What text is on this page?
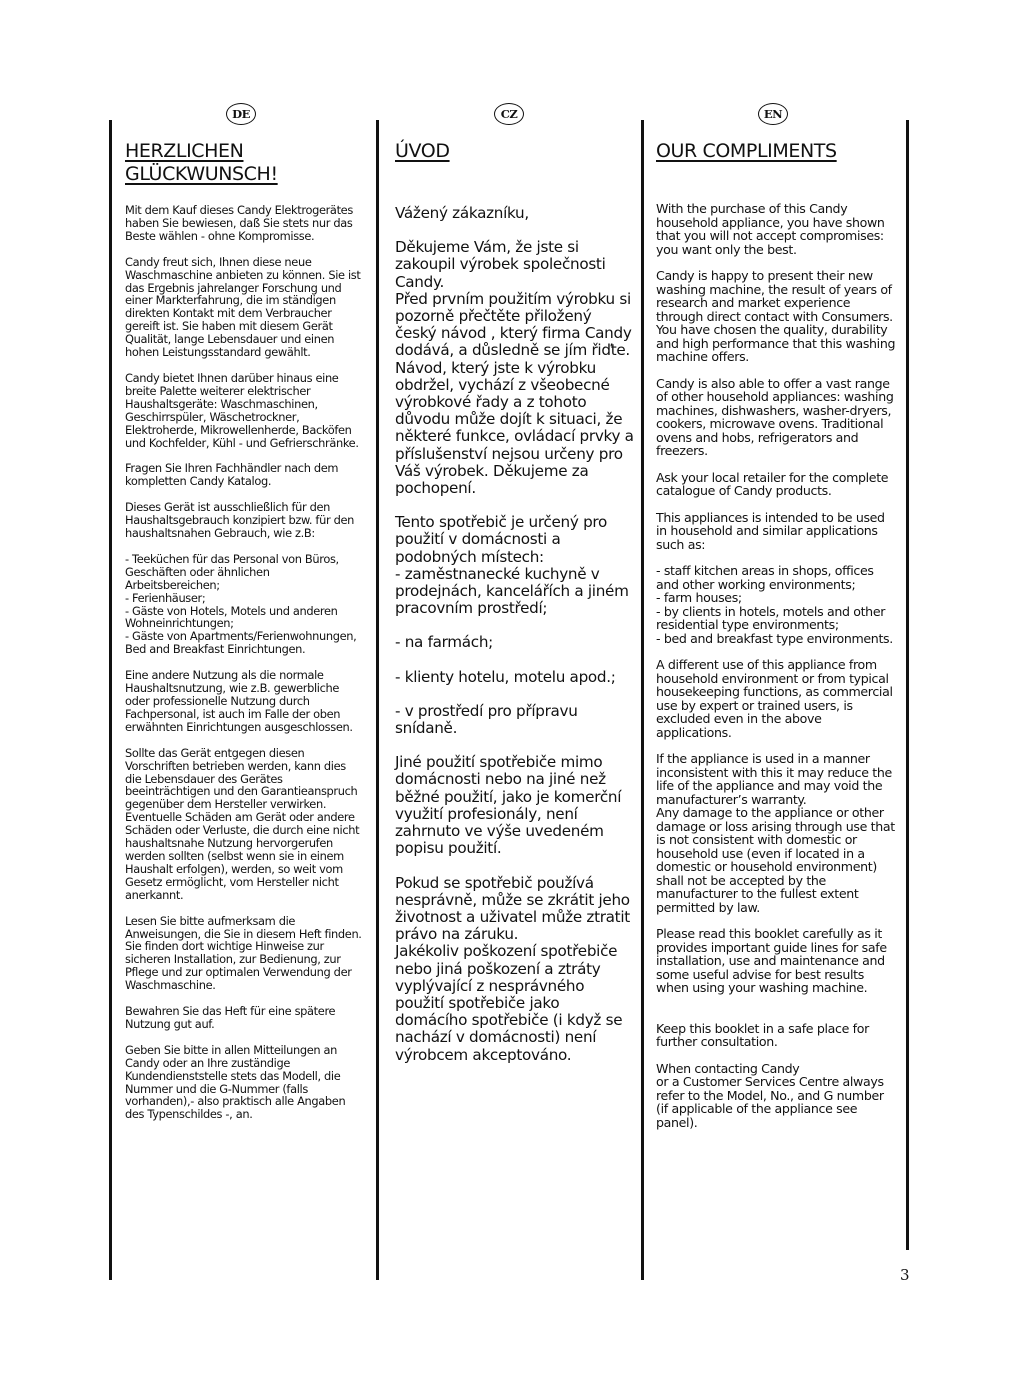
DE	CZ	EN
HERZLICHEN GLÜCKWUNSCH!

Mit dem Kauf dieses Candy Elektrogerätes haben Sie bewiesen, daß Sie stets nur das Beste wählen - ohne Kompromisse.

Candy freut sich, Ihnen diese neue Waschmaschine anbieten zu können. Sie ist das Ergebnis jahrelanger Forschung und einer Markterfahrung, die im ständigen direkten Kontakt mit dem Verbraucher gereift ist. Sie haben mit diesem Gerät Qualität, lange Lebensdauer und einen hohen Leistungsstandard gewählt.

Candy bietet Ihnen darüber hinaus eine breite Palette weiterer elektrischer Haushaltsgeräte: Waschmaschinen, Geschirrspüler, Wäschetrockner, Elektroherde, Mikrowellenherde, Backöfen und Kochfelder, Kühl - und Gefrierschränke.

Fragen Sie Ihren Fachhändler nach dem kompletten Candy Katalog.

Dieses Gerät ist ausschließlich für den Haushaltsgebrauch konzipiert bzw. für den haushaltsnahen Gebrauch, wie z.B:

- Teeküchen für das Personal von Büros, Geschäften oder ähnlichen Arbeitsbereichen;
- Ferienhäuser;
- Gäste von Hotels, Motels und anderen Wohneinrichtungen;
- Gäste von Apartments/Ferienwohnungen, Bed and Breakfast Einrichtungen.

Eine andere Nutzung als die normale Haushaltsnutzung, wie z.B. gewerbliche oder professionelle Nutzung durch Fachpersonal, ist auch im Falle der oben erwähnten Einrichtungen ausgeschlossen.

Sollte das Gerät entgegen diesen Vorschriften betrieben werden, kann dies die Lebensdauer des Gerätes beeinträchtigen und den Garantieanspruch gegenüber dem Hersteller verwirken.
Eventuelle Schäden am Gerät oder andere Schäden oder Verluste, die durch eine nicht haushaltsnahe Nutzung hervorgerufen werden sollten (selbst wenn sie in einem Haushalt erfolgen), werden, so weit vom Gesetz ermöglicht, vom Hersteller nicht anerkannt.

Lesen Sie bitte aufmerksam die Anweisungen, die Sie in diesem Heft finden. Sie finden dort wichtige Hinweise zur sicheren Installation, zur Bedienung, zur Pflege und zur optimalen Verwendung der Waschmaschine.

Bewahren Sie das Heft für eine spätere Nutzung gut auf.

Geben Sie bitte in allen Mitteilungen an Candy oder an Ihre zuständige Kundendienststelle stets das Modell, die Nummer und die G-Nummer (falls vorhanden),- also praktisch alle Angaben des Typenschildes -, an.

ÚVOD

Vážený zákazníku,

Děkujeme Vám, že jste si zakoupil výrobek společnosti Candy.
Před prvním použitím výrobku si pozorně přečtěte přiložený český návod , který firma Candy dodává, a důsledně se jím řiďte. Návod, který jste k výrobku obdržel, vychází z všeobecné výrobkové řady a z tohoto důvodu může dojít k situaci, že některé funkce, ovládací prvky a příslušenství nejsou určeny pro Váš výrobek. Děkujeme za pochopení.

Tento spotřebič je určený pro použití v domácnosti a podobných místech:
- zaměstnanecké kuchyně v prodejnách, kancelářích a jiném pracovním prostředí;

- na farmách;

- klienty hotelu, motelu apod.;

- v prostředí pro přípravu snídaně.

Jiné použití spotřebiče mimo domácnosti nebo na jiné než běžné použití, jako je komerční využití profesionály, není zahrnuto ve výše uvedeném popisu použití.

Pokud se spotřebič používá nesprávně, může se zkrátit jeho životnost a uživatel může ztratit právo na záruku.
Jakékoliv poškození spotřebiče nebo jiná poškození a ztráty vyplývající z nesprávného použití spotřebiče jako domácího spotřebiče (i když se nachází v domácnosti) není výrobcem akceptováno.

OUR COMPLIMENTS

With the purchase of this Candy household appliance, you have shown that you will not accept compromises: you want only the best.

Candy is happy to present their new washing machine, the result of years of research and market experience through direct contact with Consumers. You have chosen the quality, durability and high performance that this washing machine offers.

Candy is also able to offer a vast range of other household appliances: washing machines, dishwashers, washer-dryers, cookers, microwave ovens. Traditional ovens and hobs, refrigerators and freezers.

Ask your local retailer for the complete catalogue of Candy products.

This appliances is intended to be used in household and similar applications such as:

- staff kitchen areas in shops, offices and other working environments;
- farm houses;
- by clients in hotels, motels and other residential type environments;
- bed and breakfast type environments.

A different use of this appliance from household environment or from typical housekeeping functions, as commercial use by expert or trained users, is excluded even in the above applications.

If the appliance is used in a manner inconsistent with this it may reduce the life of the appliance and may void the manufacturer’s warranty.
Any damage to the appliance or other damage or loss arising through use that is not consistent with domestic or household use (even if located in a domestic or household environment) shall not be accepted by the manufacturer to the fullest extent permitted by law.

Please read this booklet carefully as it provides important guide lines for safe installation, use and maintenance and some useful advise for best results when using your washing machine.

Keep this booklet in a safe place for further consultation.

When contacting Candy
or a Customer Services Centre always refer to the Model, No., and G number (if applicable of the appliance see panel).

3
